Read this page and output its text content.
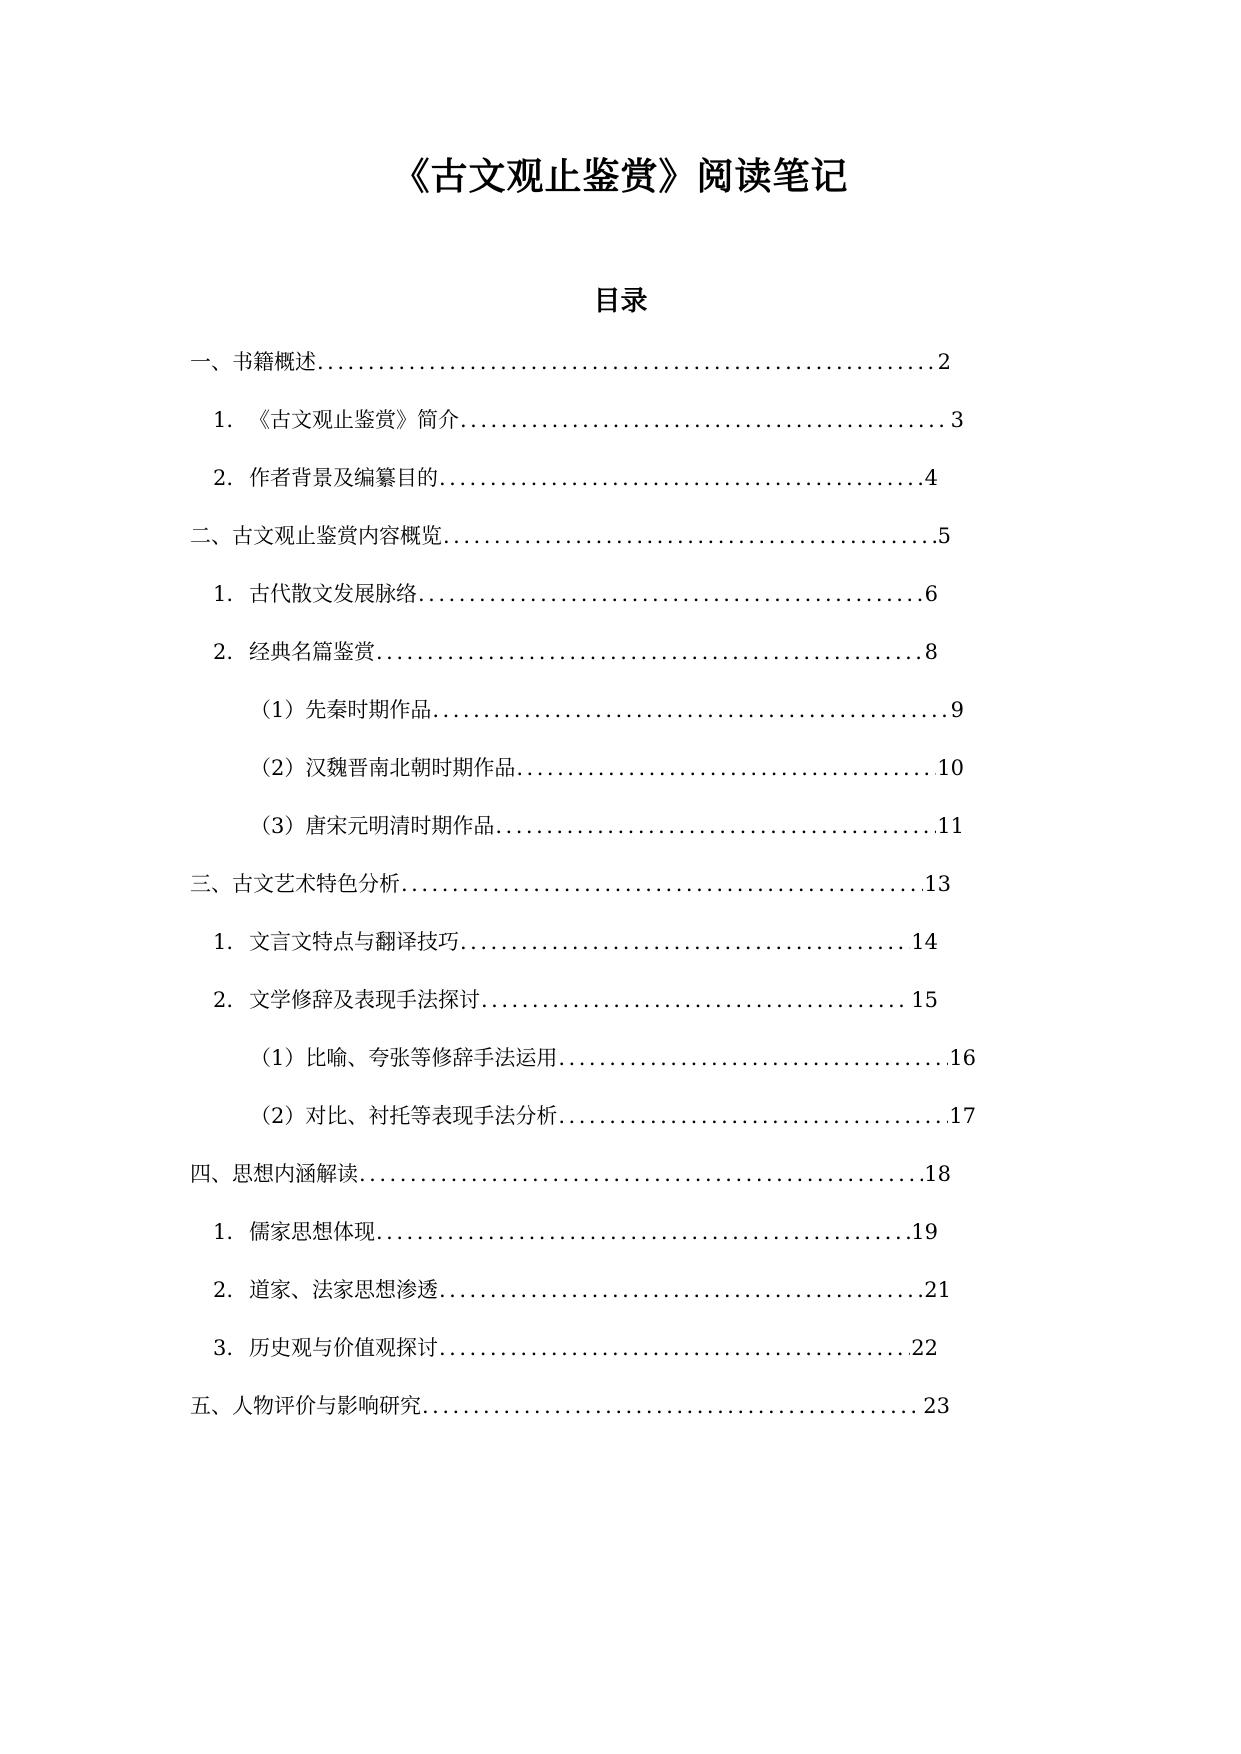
《古文观止鉴赏》阅读笔记
目录
一、书籍概述 .....	2
1. 《古文观止鉴赏》简介 .....	3
2. 作者背景及编纂目的 .....	4
二、古文观止鉴赏内容概览 .....	5
1. 古代散文发展脉络 .....	6
2. 经典名篇鉴赏 .....	8
（1）先秦时期作品 .....	9
（2）汉魏晋南北朝时期作品 .....	10
（3）唐宋元明清时期作品 .....	11
三、古文艺术特色分析 .....	13
1. 文言文特点与翻译技巧 .....	14
2. 文学修辞及表现手法探讨 .....	15
（1）比喻、夸张等修辞手法运用 .....	16
（2）对比、衬托等表现手法分析 .....	17
四、思想内涵解读 .....	18
1. 儒家思想体现 .....	19
2. 道家、法家思想渗透 .....	21
3. 历史观与价值观探讨 .....	22
五、人物评价与影响研究 .....	23
